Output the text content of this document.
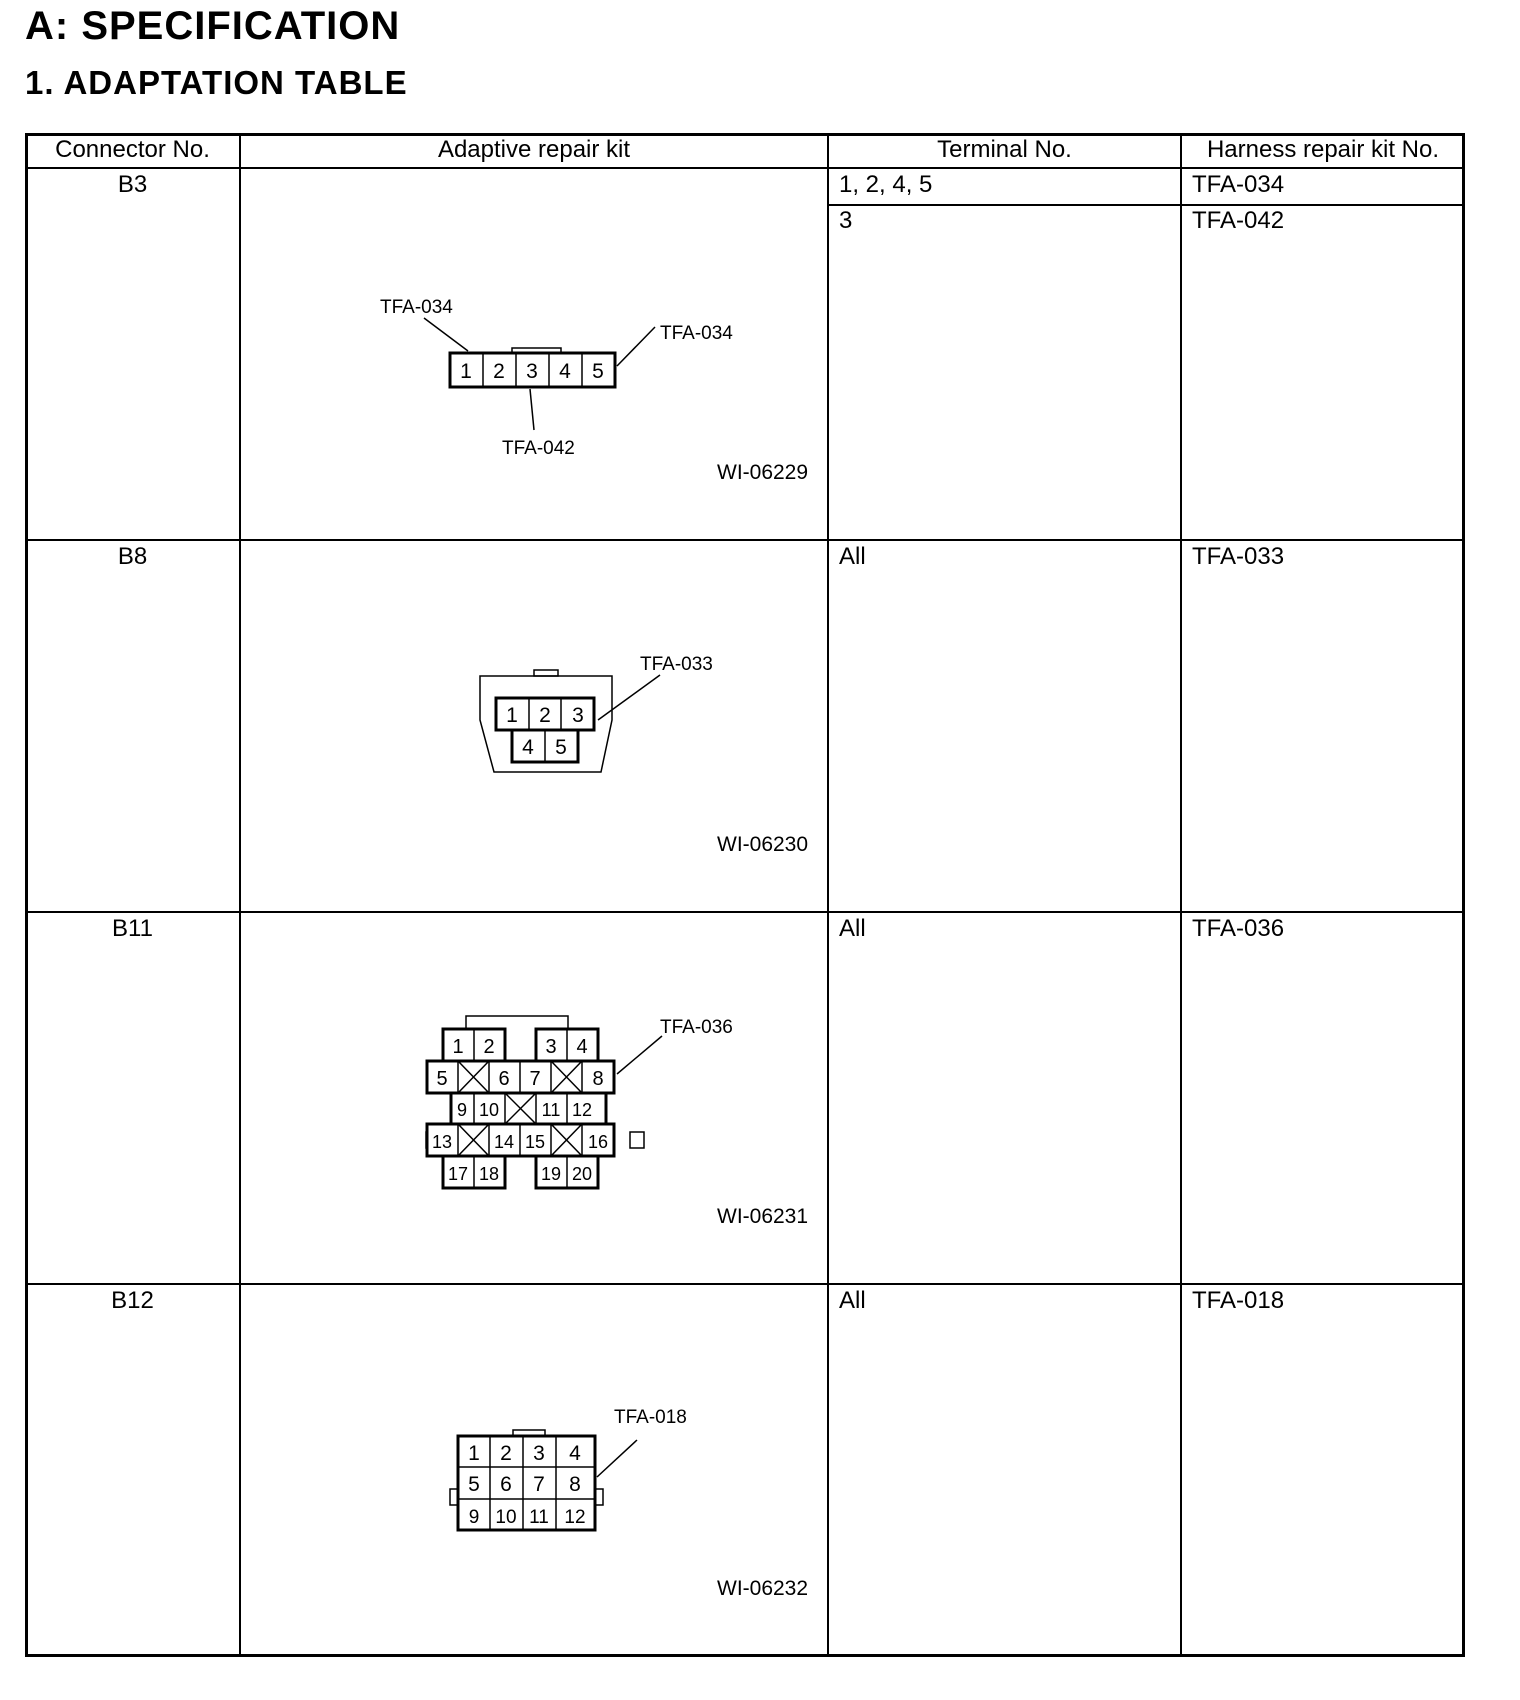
A: SPECIFICATION
1. ADAPTATION TABLE
Connector No.	Adaptive repair kit	Terminal No.	Harness repair kit No.
B3	1, 2, 4, 5	TFA-034
3	TFA-042
1 2 3 4 5
TFA-034
TFA-034
TFA-042
WI-06229
B8	All	TFA-033
1 2 3
4 5
TFA-033
WI-06230
B11	All	TFA-036
1 2	3 4
5	6 7	8
9 10 11 12
13 14 15 16
17 18 19 20
TFA-036
WI-06231
B12	All	TFA-018
1 2 3 4
5 6 7 8
9 10 11 12
TFA-018
WI-06232
